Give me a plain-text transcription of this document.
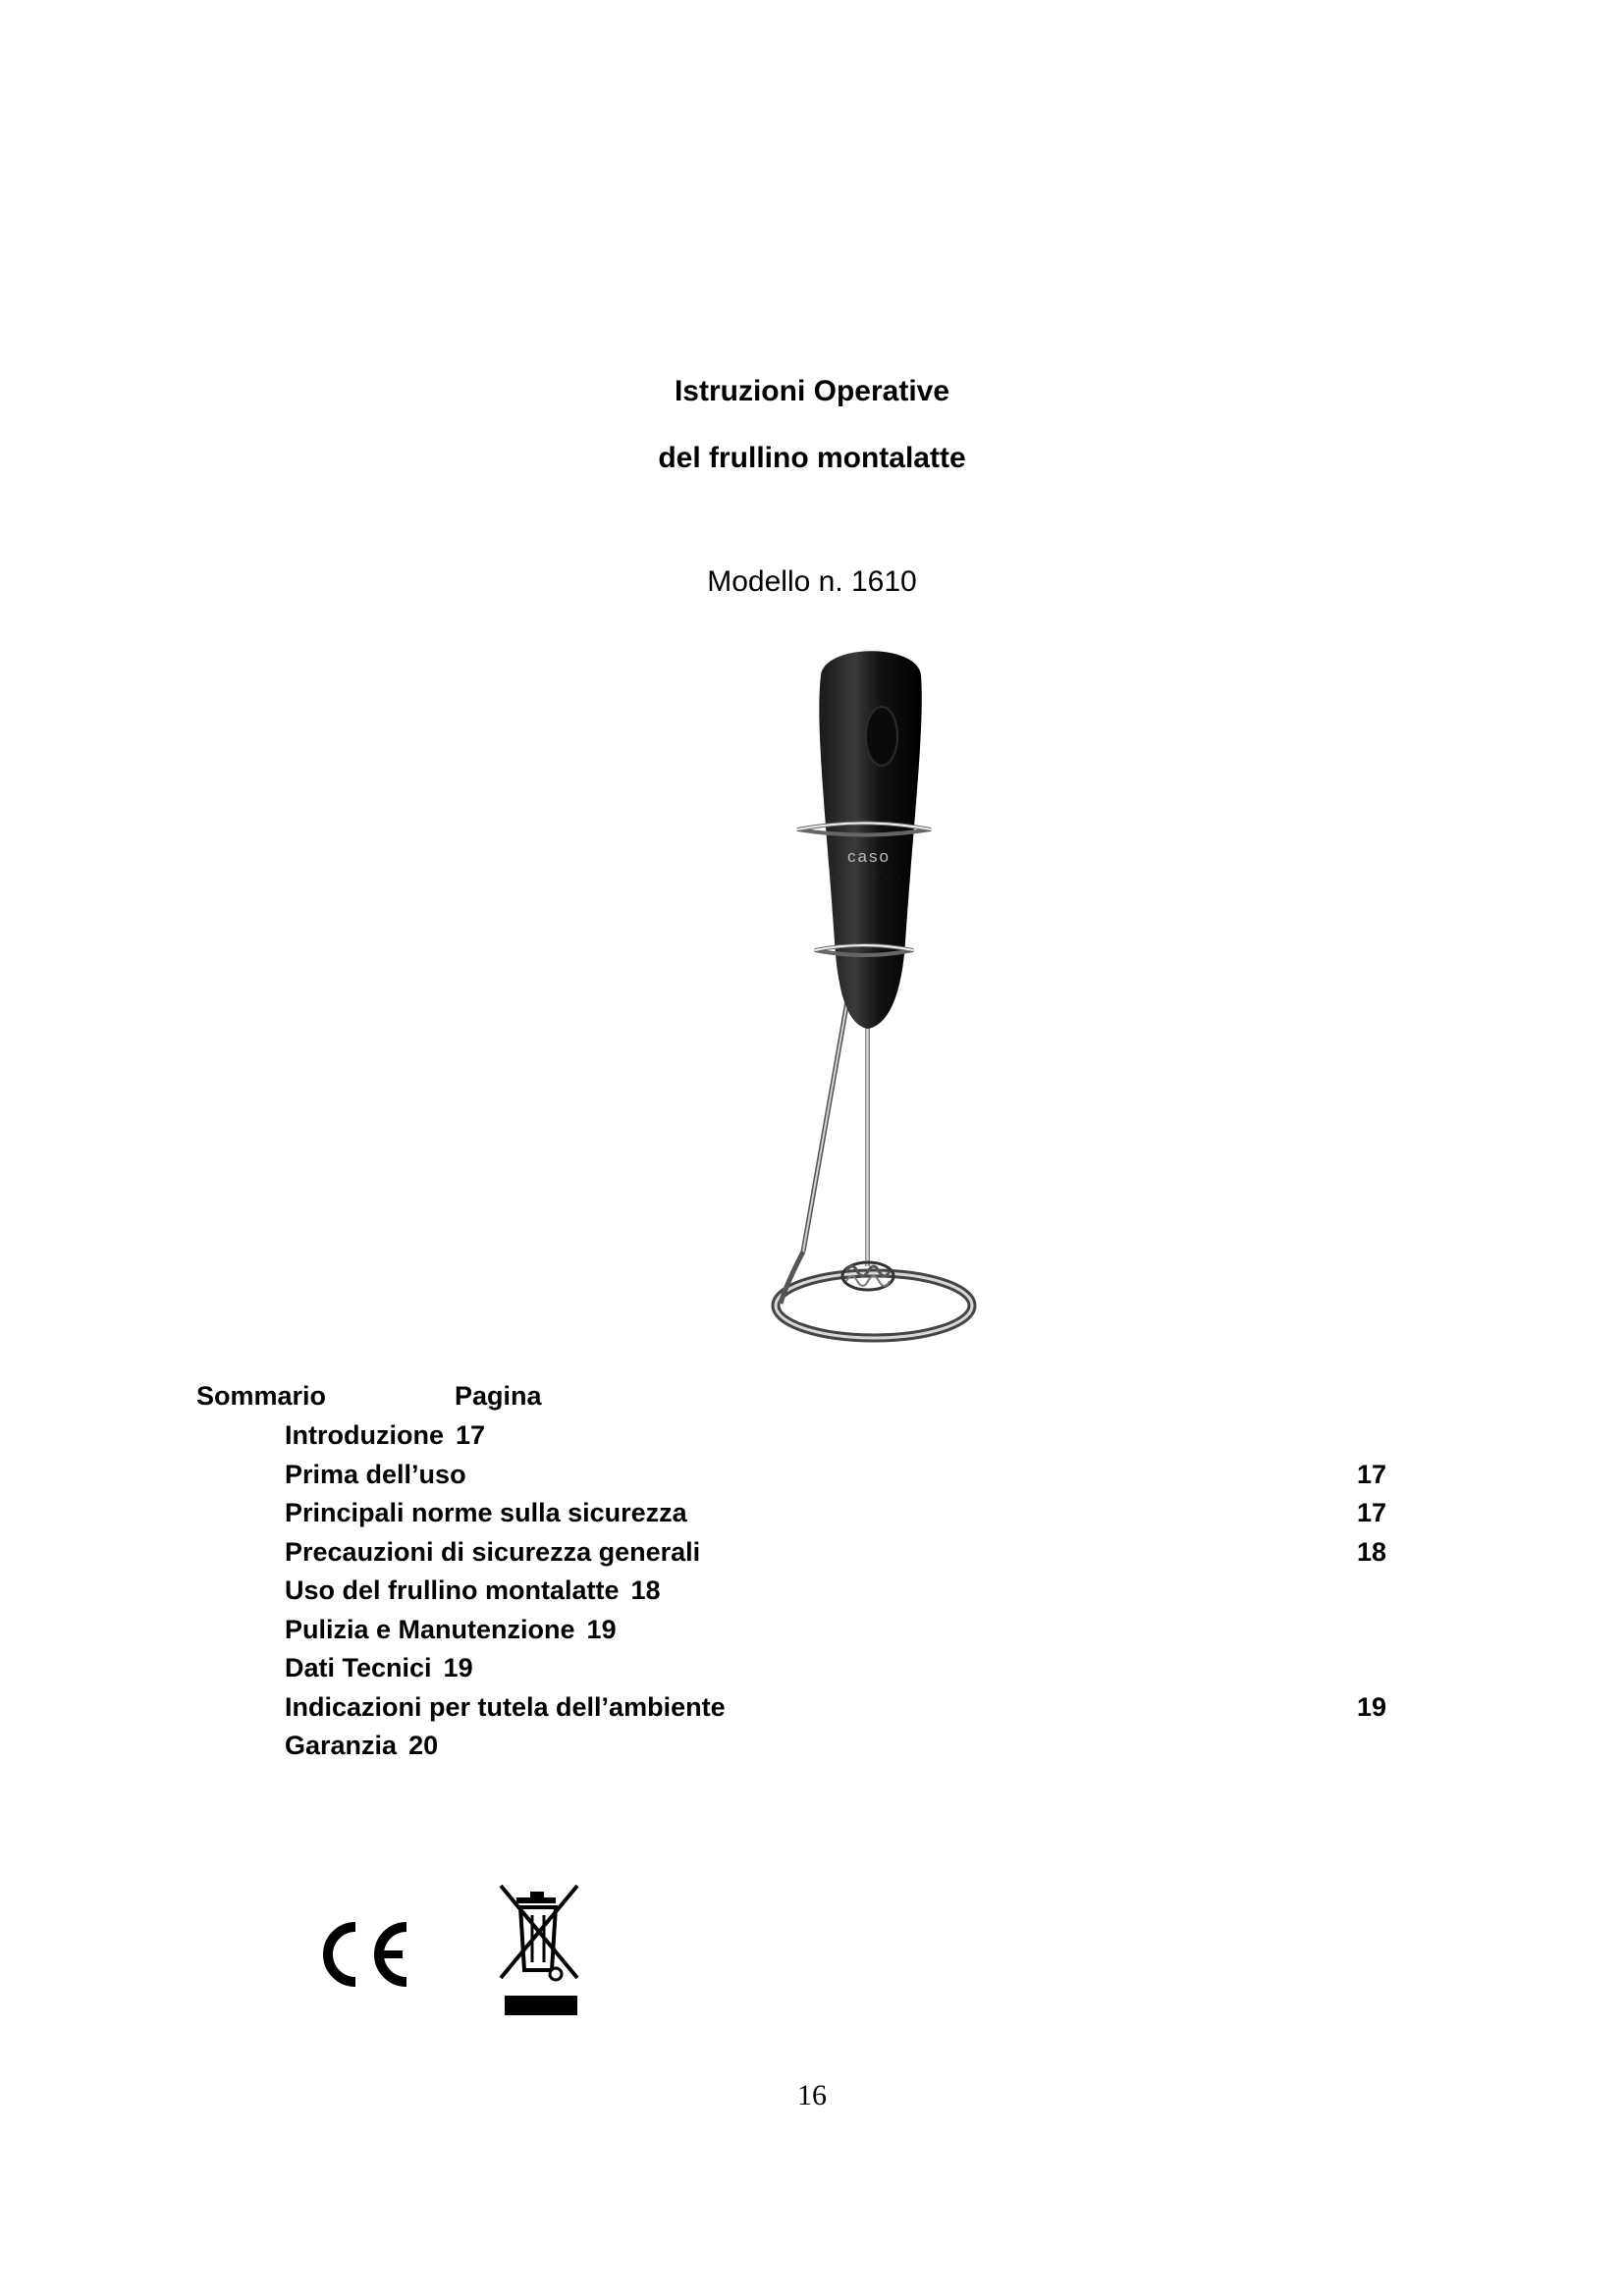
Istruzioni Operative
del frullino montalatte
Modello n. 1610
caso
· · · · · ·
Sommario	Pagina
Introduzione 17
Prima dell’uso	17
Principali norme sulla sicurezza	17
Precauzioni di sicurezza generali	18
Uso del frullino montalatte 18
Pulizia e Manutenzione 19
Dati Tecnici 19
Indicazioni per tutela dell’ambiente	19
Garanzia 20
16
